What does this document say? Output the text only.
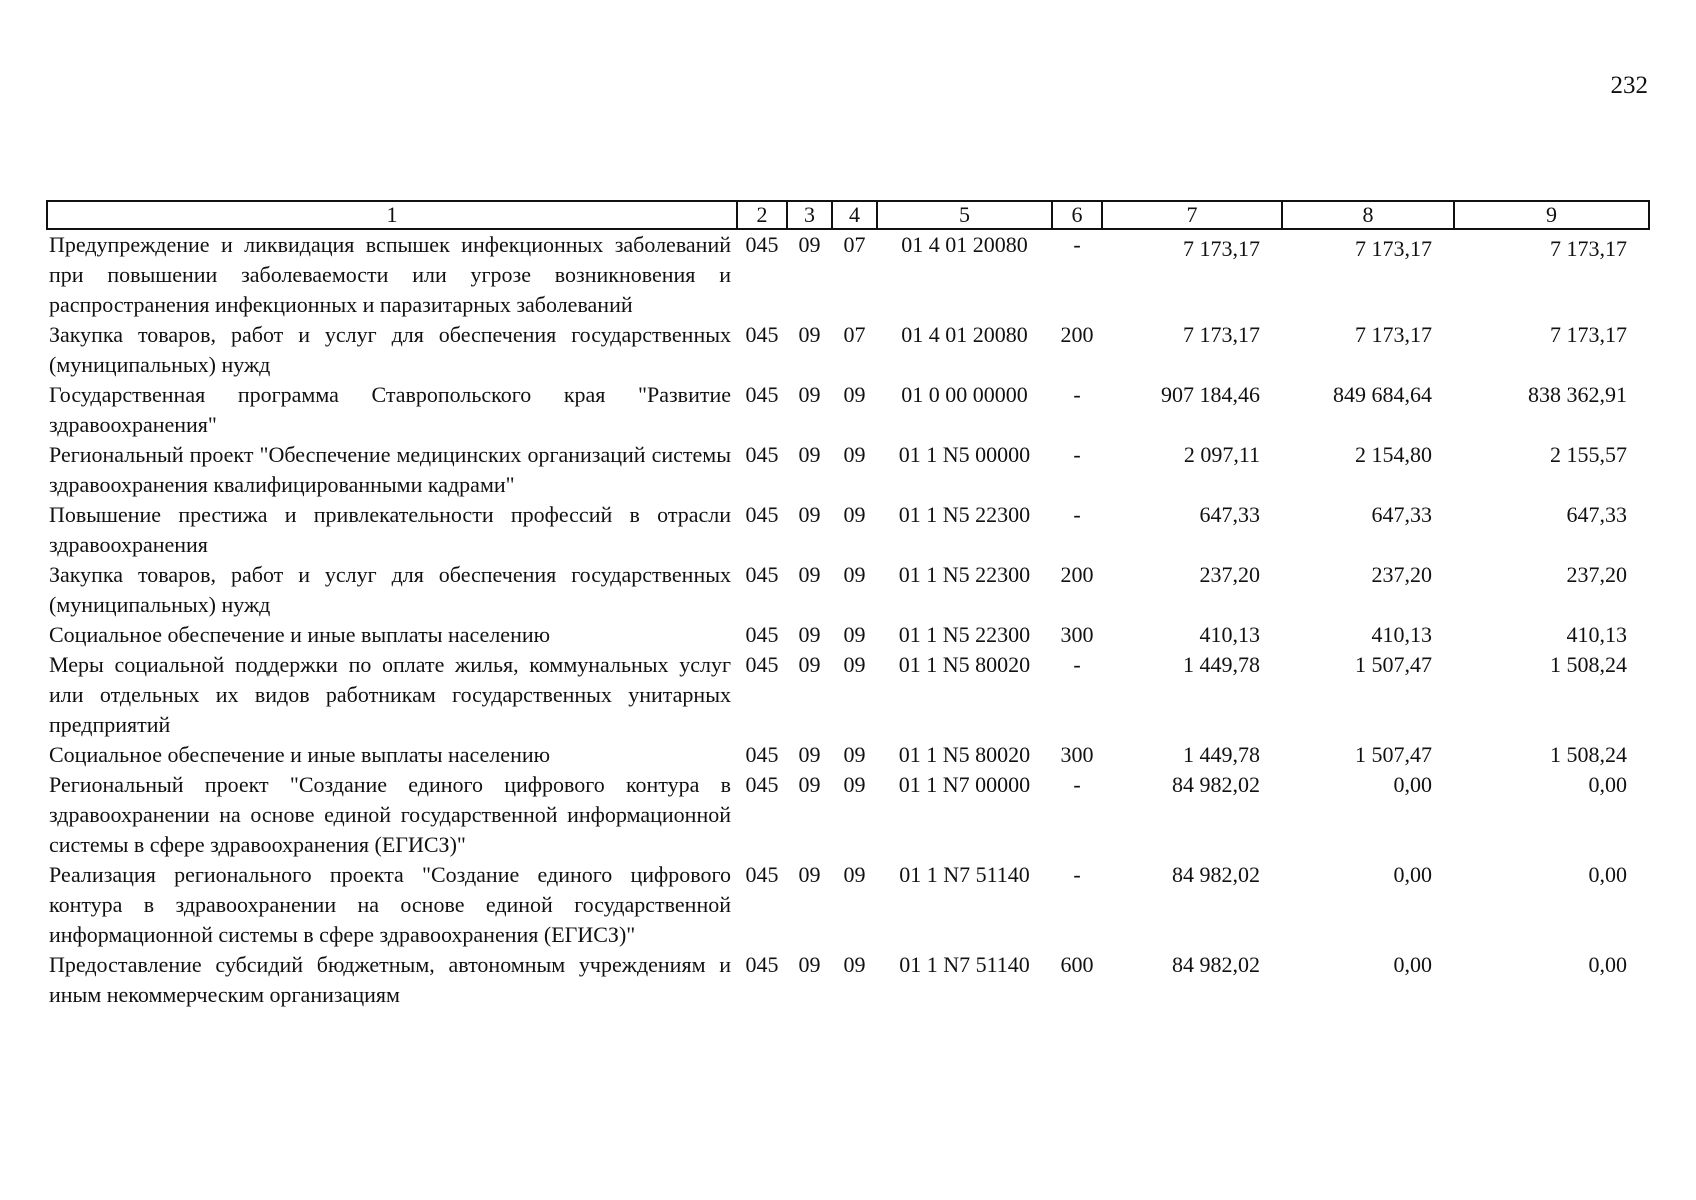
232
1	2	3	4	5	6	7	8	9
Предупреждение и ликвидация вспышек инфекционных заболеваний при повышении заболеваемости или угрозе возникновения и распространения инфекционных и паразитарных заболеваний	045	09	07	01 4 01 20080	-	7 173,17	7 173,17	7 173,17
Закупка товаров, работ и услуг для обеспечения государственных (муниципальных) нужд	045	09	07	01 4 01 20080	200	7 173,17	7 173,17	7 173,17
Государственная программа Ставропольского края "Развитие здравоохранения"	045	09	09	01 0 00 00000	-	907 184,46	849 684,64	838 362,91
Региональный проект "Обеспечение медицинских организаций системы здравоохранения квалифицированными кадрами"	045	09	09	01 1 N5 00000	-	2 097,11	2 154,80	2 155,57
Повышение престижа и привлекательности профессий в отрасли здравоохранения	045	09	09	01 1 N5 22300	-	647,33	647,33	647,33
Закупка товаров, работ и услуг для обеспечения государственных (муниципальных) нужд	045	09	09	01 1 N5 22300	200	237,20	237,20	237,20
Социальное обеспечение и иные выплаты населению	045	09	09	01 1 N5 22300	300	410,13	410,13	410,13
Меры социальной поддержки по оплате жилья, коммунальных услуг или отдельных их видов работникам государственных унитарных предприятий	045	09	09	01 1 N5 80020	-	1 449,78	1 507,47	1 508,24
Социальное обеспечение и иные выплаты населению	045	09	09	01 1 N5 80020	300	1 449,78	1 507,47	1 508,24
Региональный проект "Создание единого цифрового контура в здравоохранении на основе единой государственной информационной системы в сфере здравоохранения (ЕГИСЗ)"	045	09	09	01 1 N7 00000	-	84 982,02	0,00	0,00
Реализация регионального проекта "Создание единого цифрового контура в здравоохранении на основе единой государственной информационной системы в сфере здравоохранения (ЕГИСЗ)"	045	09	09	01 1 N7 51140	-	84 982,02	0,00	0,00
Предоставление субсидий бюджетным, автономным учреждениям и иным некоммерческим организациям	045	09	09	01 1 N7 51140	600	84 982,02	0,00	0,00
